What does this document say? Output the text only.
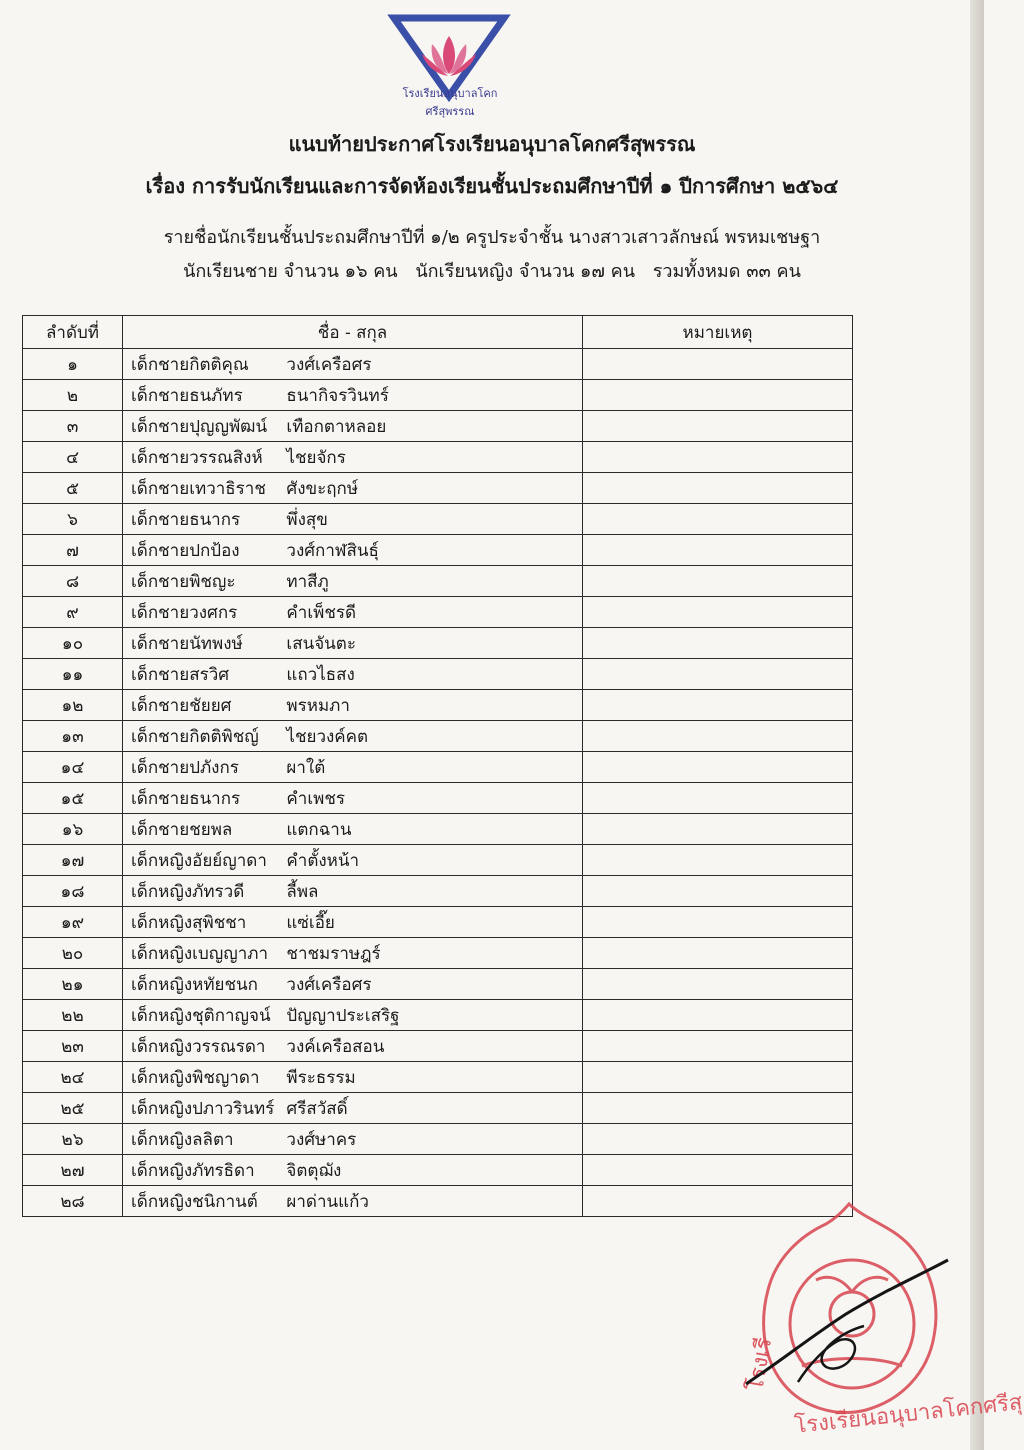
โรงเรียนอนุบาลโคกศรีสุพรรณ
แนบท้ายประกาศโรงเรียนอนุบาลโคกศรีสุพรรณ
เรื่อง การรับนักเรียนและการจัดห้องเรียนชั้นประถมศึกษาปีที่ ๑ ปีการศึกษา ๒๕๖๔
รายชื่อนักเรียนชั้นประถมศึกษาปีที่ ๑/๒ ครูประจำชั้น นางสาวเสาวลักษณ์ พรหมเชษฐา
นักเรียนชาย จำนวน ๑๖ คน นักเรียนหญิง จำนวน ๑๗ คน รวมทั้งหมด ๓๓ คน
ลำดับที่	ชื่อ - สกุล	หมายเหตุ
๑	เด็กชายกิตติคุณ วงศ์เครือศร	
๒	เด็กชายธนภัทร ธนากิจรวินทร์	
๓	เด็กชายปุญญพัฒน์ เทือกตาหลอย	
๔	เด็กชายวรรณสิงห์ ไชยจักร	
๕	เด็กชายเทวาธิราช ศังขะฤกษ์	
๖	เด็กชายธนากร พึ่งสุข	
๗	เด็กชายปกป้อง วงศ์กาฬสินธุ์	
๘	เด็กชายพิชญะ ทาสีภู	
๙	เด็กชายวงศกร คำเพ็ชรดี	
๑๐	เด็กชายนัทพงษ์ เสนจันตะ	
๑๑	เด็กชายสรวิศ แถวไธสง	
๑๒	เด็กชายชัยยศ พรหมภา	
๑๓	เด็กชายกิตติพิชญ์ ไชยวงค์คต	
๑๔	เด็กชายปภังกร ผาใต้	
๑๕	เด็กชายธนากร คำเพชร	
๑๖	เด็กชายชยพล แตกฉาน	
๑๗	เด็กหญิงอัยย์ญาดา คำตั้งหน้า	
๑๘	เด็กหญิงภัทรวดี ลี้พล	
๑๙	เด็กหญิงสุพิชชา แซ่เอี๊ย	
๒๐	เด็กหญิงเบญญาภา ชาชมราษฎร์	
๒๑	เด็กหญิงหทัยชนก วงศ์เครือศร	
๒๒	เด็กหญิงชุติกาญจน์ ปัญญาประเสริฐ	
๒๓	เด็กหญิงวรรณรดา วงค์เครือสอน	
๒๔	เด็กหญิงพิชญาดา พีระธรรม	
๒๕	เด็กหญิงปภาวรินทร์ ศรีสวัสดิ์	
๒๖	เด็กหญิงลลิตา วงศ์ษาคร	
๒๗	เด็กหญิงภัทรธิดา จิตตุฌัง	
๒๘	เด็กหญิงชนิกานต์ ผาด่านแก้ว	
โรงเรี
โรงเรียนอนุบาลโคกศรีสุ
